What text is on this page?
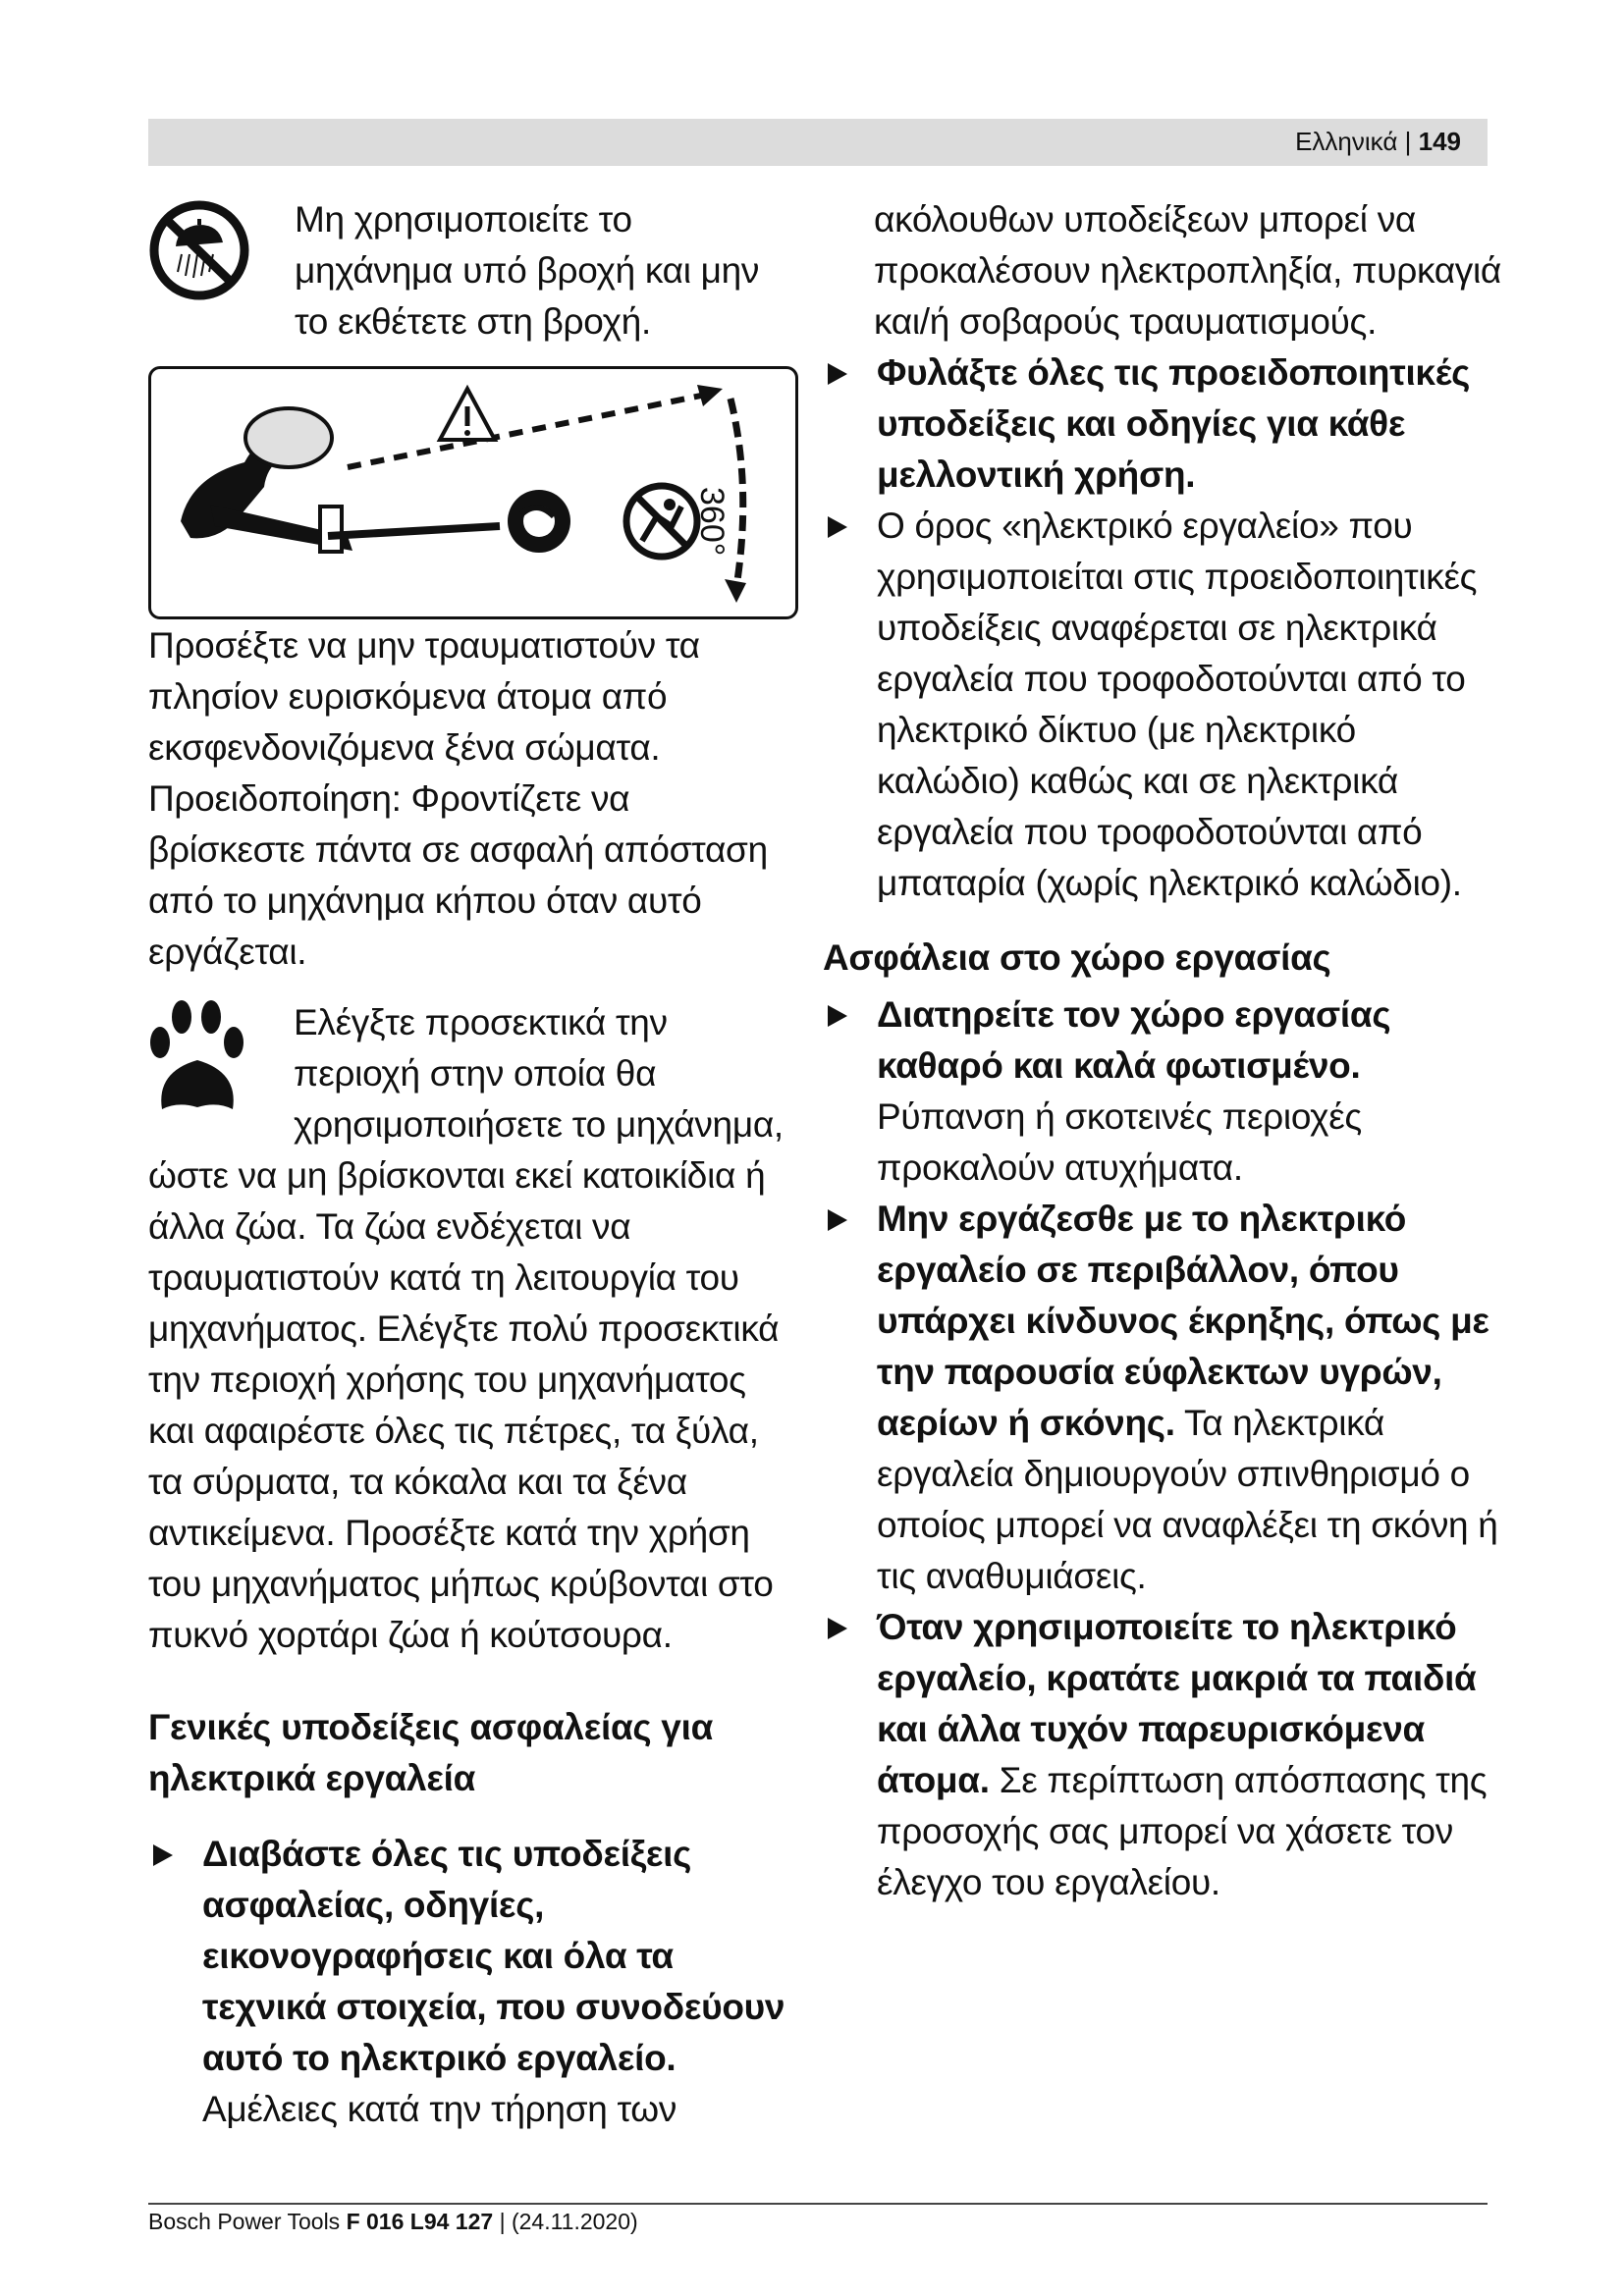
Ελληνικά | 149

Μη χρησιμοποιείτε το μηχάνημα υπό βροχή και μην το εκθέτετε στη βροχή.

360°

Προσέξτε να μην τραυματιστούν τα πλησίον ευρισκόμενα άτομα από εκσφενδονιζόμενα ξένα σώματα. Προειδοποίηση: Φροντίζετε να βρίσκεστε πάντα σε ασφαλή απόσταση από το μηχάνημα κήπου όταν αυτό εργάζεται.

Ελέγξτε προσεκτικά την περιοχή στην οποία θα χρησιμοποιήσετε το μηχάνημα, ώστε να μη βρίσκονται εκεί κατοικίδια ή άλλα ζώα. Τα ζώα ενδέχεται να τραυματιστούν κατά τη λειτουργία του μηχανήματος. Ελέγξτε πολύ προσεκτικά την περιοχή χρήσης του μηχανήματος και αφαιρέστε όλες τις πέτρες, τα ξύλα, τα σύρματα, τα κόκαλα και τα ξένα αντικείμενα. Προσέξτε κατά την χρήση του μηχανήματος μήπως κρύβονται στο πυκνό χορτάρι ζώα ή κούτσουρα.

Γενικές υποδείξεις ασφαλείας για ηλεκτρικά εργαλεία

Διαβάστε όλες τις υποδείξεις ασφαλείας, οδηγίες, εικονογραφήσεις και όλα τα τεχνικά στοιχεία, που συνοδεύουν αυτό το ηλεκτρικό εργαλείο.

Αμέλειες κατά την τήρηση των

ακόλουθων υποδείξεων μπορεί να προκαλέσουν ηλεκτροπληξία, πυρκαγιά και/ή σοβαρούς τραυματισμούς.

Φυλάξτε όλες τις προειδοποιητικές υποδείξεις και οδηγίες για κάθε μελλοντική χρήση.
Ο όρος «ηλεκτρικό εργαλείο» που χρησιμοποιείται στις προειδοποιητικές υποδείξεις αναφέρεται σε ηλεκτρικά εργαλεία που τροφοδοτούνται από το ηλεκτρικό δίκτυο (με ηλεκτρικό καλώδιο) καθώς και σε ηλεκτρικά εργαλεία που τροφοδοτούνται από μπαταρία (χωρίς ηλεκτρικό καλώδιο).

Ασφάλεια στο χώρο εργασίας

Διατηρείτε τον χώρο εργασίας καθαρό και καλά φωτισμένο. Ρύπανση ή σκοτεινές περιοχές προκαλούν ατυχήματα.
Μην εργάζεσθε με το ηλεκτρικό εργαλείο σε περιβάλλον, όπου υπάρχει κίνδυνος έκρηξης, όπως με την παρουσία εύφλεκτων υγρών, αερίων ή σκόνης. Τα ηλεκτρικά εργαλεία δημιουργούν σπινθηρισμό ο οποίος μπορεί να αναφλέξει τη σκόνη ή τις αναθυμιάσεις.
Όταν χρησιμοποιείτε το ηλεκτρικό εργαλείο, κρατάτε μακριά τα παιδιά και άλλα τυχόν παρευρισκόμενα άτομα. Σε περίπτωση απόσπασης της προσοχής σας μπορεί να χάσετε τον έλεγχο του εργαλείου.
Bosch Power Tools F 016 L94 127 | (24.11.2020)
